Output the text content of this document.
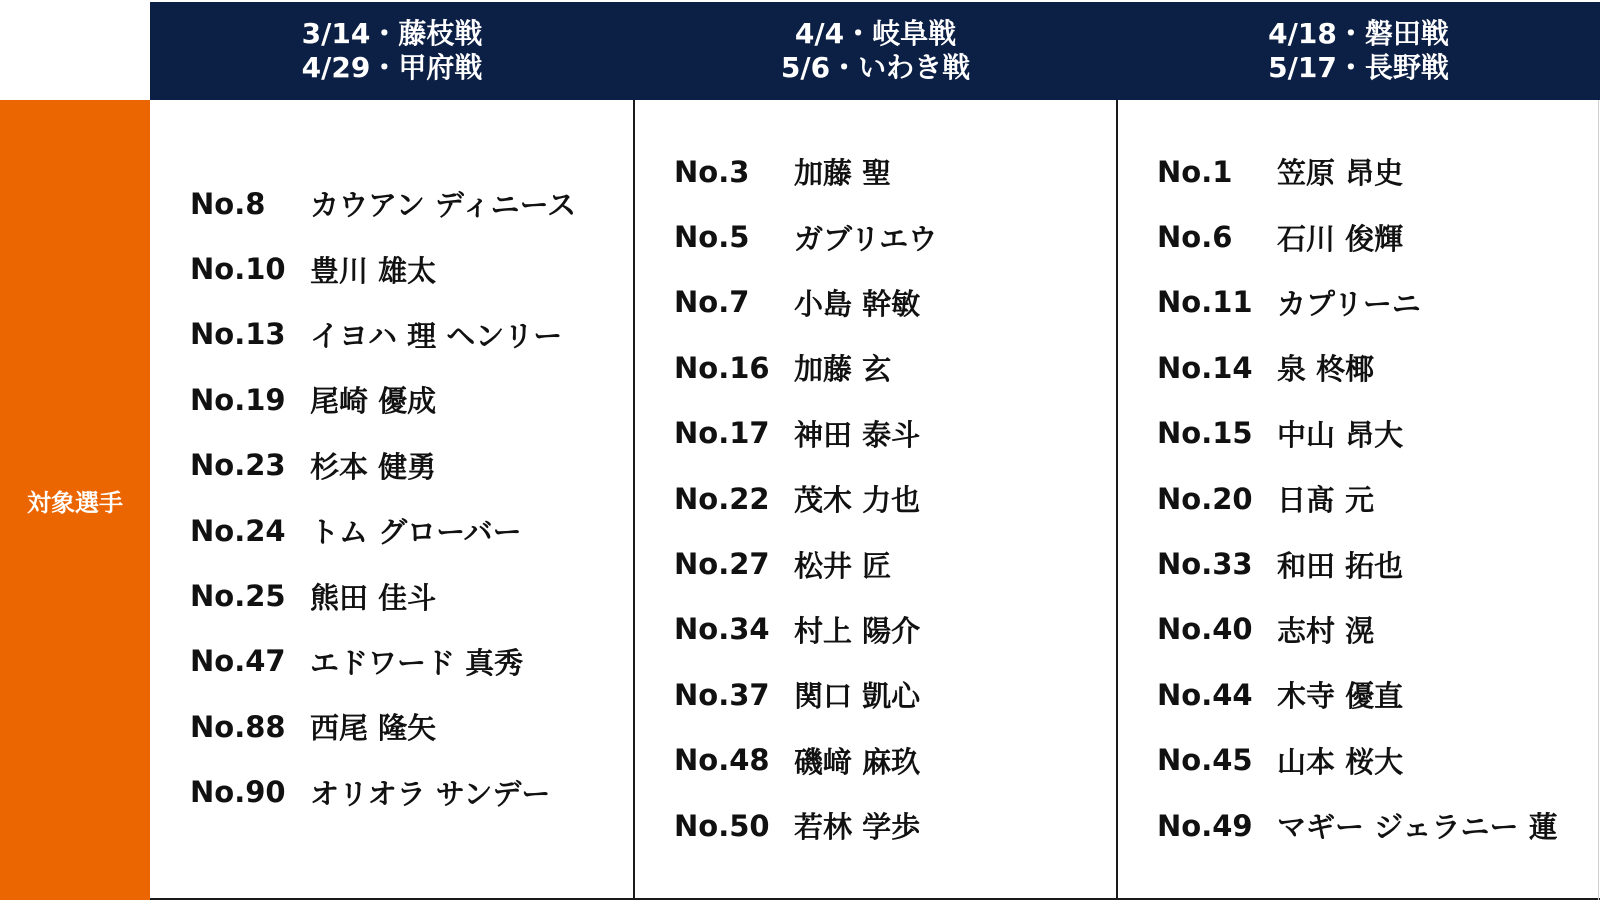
対象選手
3/14・藤枝戦
4/29・甲府戦
No.8	カウアン ディニース
No.10 豊川 雄太
No.13 イヨハ 理 ヘンリー
No.19 尾崎 優成
No.23 杉本 健勇
No.24 トム グローバー
No.25 熊田 佳斗
No.47 エドワード 真秀
No.88 西尾 隆矢
No.90 オリオラ サンデー
4/4・岐阜戦
5/6・いわき戦
No.3	加藤 聖
No.5	ガブリエウ
No.7	小島 幹敏
No.16 加藤 玄
No.17 神田 泰斗
No.22 茂木 力也
No.27 松井 匠
No.34 村上 陽介
No.37 関口 凱心
No.48 磯﨑 麻玖
No.50 若林 学歩
4/18・磐田戦
5/17・長野戦
No.1	笠原 昂史
No.6	石川 俊輝
No.11 カプリーニ
No.14 泉 柊椰
No.15 中山 昂大
No.20 日髙 元
No.33 和田 拓也
No.40 志村 滉
No.44 木寺 優直
No.45 山本 桜大
No.49 マギー ジェラニー 蓮
